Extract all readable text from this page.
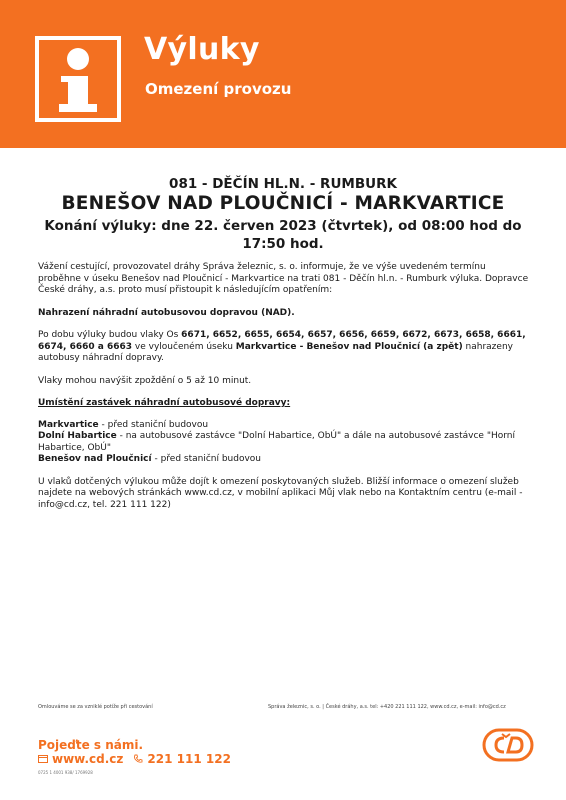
Výluky
Omezení provozu
081 - DĚČÍN HL.N. - RUMBURK
BENEŠOV NAD PLOUČNICÍ - MARKVARTICE
Konání výluky: dne 22. červen 2023 (čtvrtek), od 08:00 hod do 17:50 hod.

Vážení cestující, provozovatel dráhy Správa železnic, s. o. informuje, že ve výše uvedeném termínu proběhne v úseku Benešov nad Ploučnicí - Markvartice na trati 081 - Děčín hl.n. - Rumburk výluka. Dopravce České dráhy, a.s. proto musí přistoupit k následujícím opatřením:

Nahrazení náhradní autobusovou dopravou (NAD).

Po dobu výluky budou vlaky Os 6671, 6652, 6655, 6654, 6657, 6656, 6659, 6672, 6673, 6658, 6661, 6674, 6660 a 6663 ve vyloučeném úseku Markvartice - Benešov nad Ploučnicí (a zpět) nahrazeny autobusy náhradní dopravy.

Vlaky mohou navýšit zpoždění o 5 až 10 minut.

Umístění zastávek náhradní autobusové dopravy:

Markvartice - před staniční budovou
Dolní Habartice - na autobusové zastávce "Dolní Habartice, ObÚ" a dále na autobusové zastávce "Horní Habartice, ObÚ"
Benešov nad Ploučnicí - před staniční budovou

U vlaků dotčených výlukou může dojít k omezení poskytovaných služeb. Bližší informace o omezení služeb najdete na webových stránkách www.cd.cz, v mobilní aplikaci Můj vlak nebo na Kontaktním centru (e-mail - info@cd.cz, tel. 221 111 122)

Omlouváme se za vzniklé potíže při cestování	Správa železnic, s. o. | České dráhy, a.s. tel: +420 221 111 122, www.cd.cz, e-mail: info@cd.cz
Pojeďte s námi.
www.cd.cz 221 111 122
0725 1 4001 938/ 1769928
